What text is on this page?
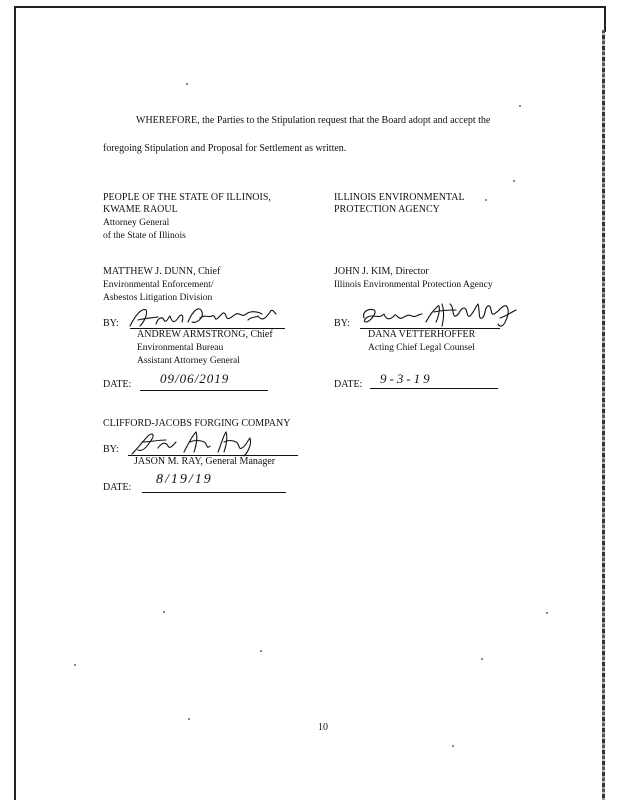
WHEREFORE, the Parties to the Stipulation request that the Board adopt and accept the
foregoing Stipulation and Proposal for Settlement as written.
PEOPLE OF THE STATE OF ILLINOIS,
KWAME RAOUL
Attorney General
of the State of Illinois
ILLINOIS ENVIRONMENTAL
PROTECTION AGENCY
MATTHEW J. DUNN, Chief
Environmental Enforcement/
Asbestos Litigation Division
JOHN J. KIM, Director
Illinois Environmental Protection Agency
BY:
ANDREW ARMSTRONG, Chief
Environmental Bureau
Assistant Attorney General
BY:
DANA VETTERHOFFER
Acting Chief Legal Counsel
DATE: 09/06/2019	DATE: 9-3-19
CLIFFORD-JACOBS FORGING COMPANY
BY:
JASON M. RAY, General Manager
DATE:
8/19/19
10
